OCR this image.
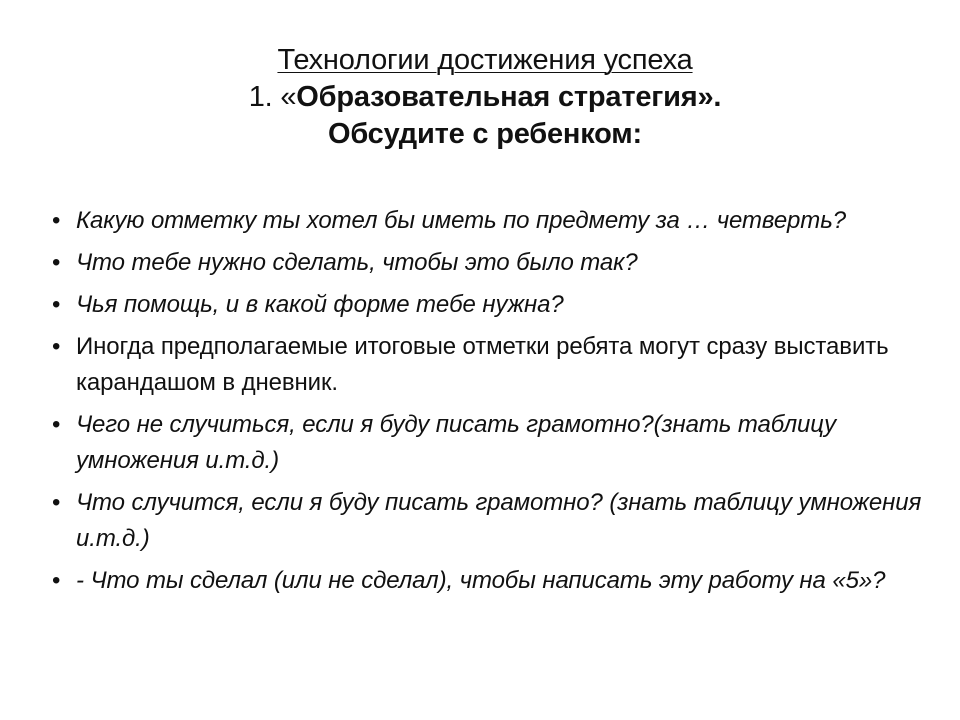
Технологии достижения успеха
1. «Образовательная стратегия».
Обсудите с ребенком:
• Какую отметку ты хотел бы иметь по предмету за … четверть?
• Что тебе нужно сделать, чтобы это было так?
• Чья помощь, и в какой форме тебе нужна?
• Иногда предполагаемые итоговые отметки ребята могут сразу выставить карандашом в дневник.
• Чего не случиться, если я буду писать грамотно?(знать таблицу умножения и.т.д.)
• Что случится, если я буду писать грамотно? (знать таблицу умножения и.т.д.)
• - Что ты сделал (или не сделал), чтобы написать эту работу на «5»?
